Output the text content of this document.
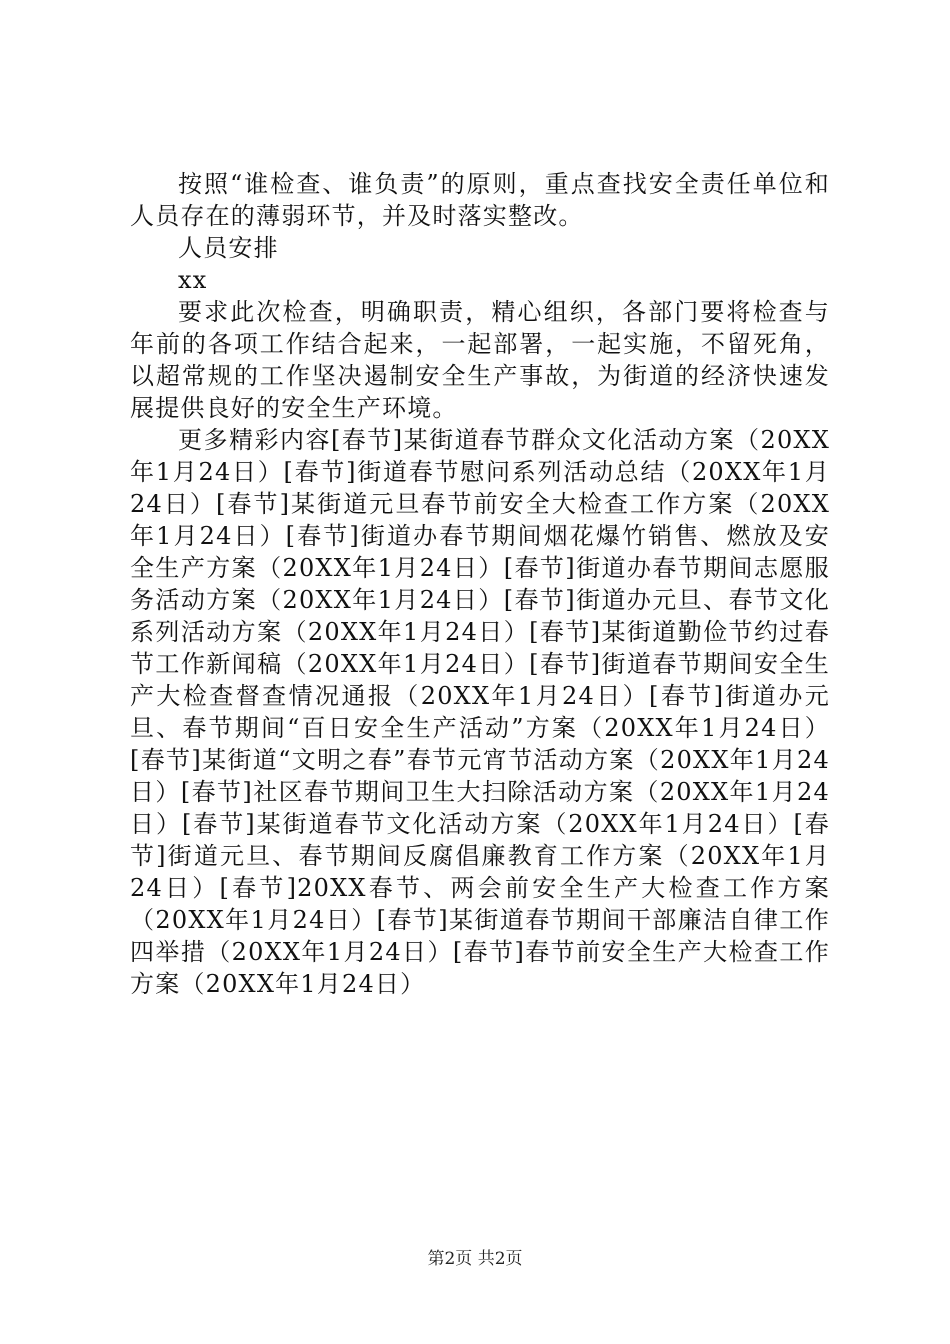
按照“谁检查、谁负责”的原则，重点查找安全责任单位和人员存在的薄弱环节，并及时落实整改。

人员安排

xx

要求此次检查，明确职责，精心组织，各部门要将检查与年前的各项工作结合起来，一起部署，一起实施，不留死角，以超常规的工作坚决遏制安全生产事故，为街道的经济快速发展提供良好的安全生产环境。

更多精彩内容[春节]某街道春节群众文化活动方案（20XX年1月24日）[春节]街道春节慰问系列活动总结（20XX年1月24日）[春节]某街道元旦春节前安全大检查工作方案（20XX年1月24日）[春节]街道办春节期间烟花爆竹销售、燃放及安全生产方案（20XX年1月24日）[春节]街道办春节期间志愿服务活动方案（20XX年1月24日）[春节]街道办元旦、春节文化系列活动方案（20XX年1月24日）[春节]某街道勤俭节约过春节工作新闻稿（20XX年1月24日）[春节]街道春节期间安全生产大检查督查情况通报（20XX年1月24日）[春节]街道办元旦、春节期间“百日安全生产活动”方案（20XX年1月24日）[春节]某街道“文明之春”春节元宵节活动方案（20XX年1月24日）[春节]社区春节期间卫生大扫除活动方案（20XX年1月24日）[春节]某街道春节文化活动方案（20XX年1月24日）[春节]街道元旦、春节期间反腐倡廉教育工作方案（20XX年1月24日）[春节]20XX春节、两会前安全生产大检查工作方案（20XX年1月24日）[春节]某街道春节期间干部廉洁自律工作四举措（20XX年1月24日）[春节]春节前安全生产大检查工作方案（20XX年1月24日）

第2页 共2页
